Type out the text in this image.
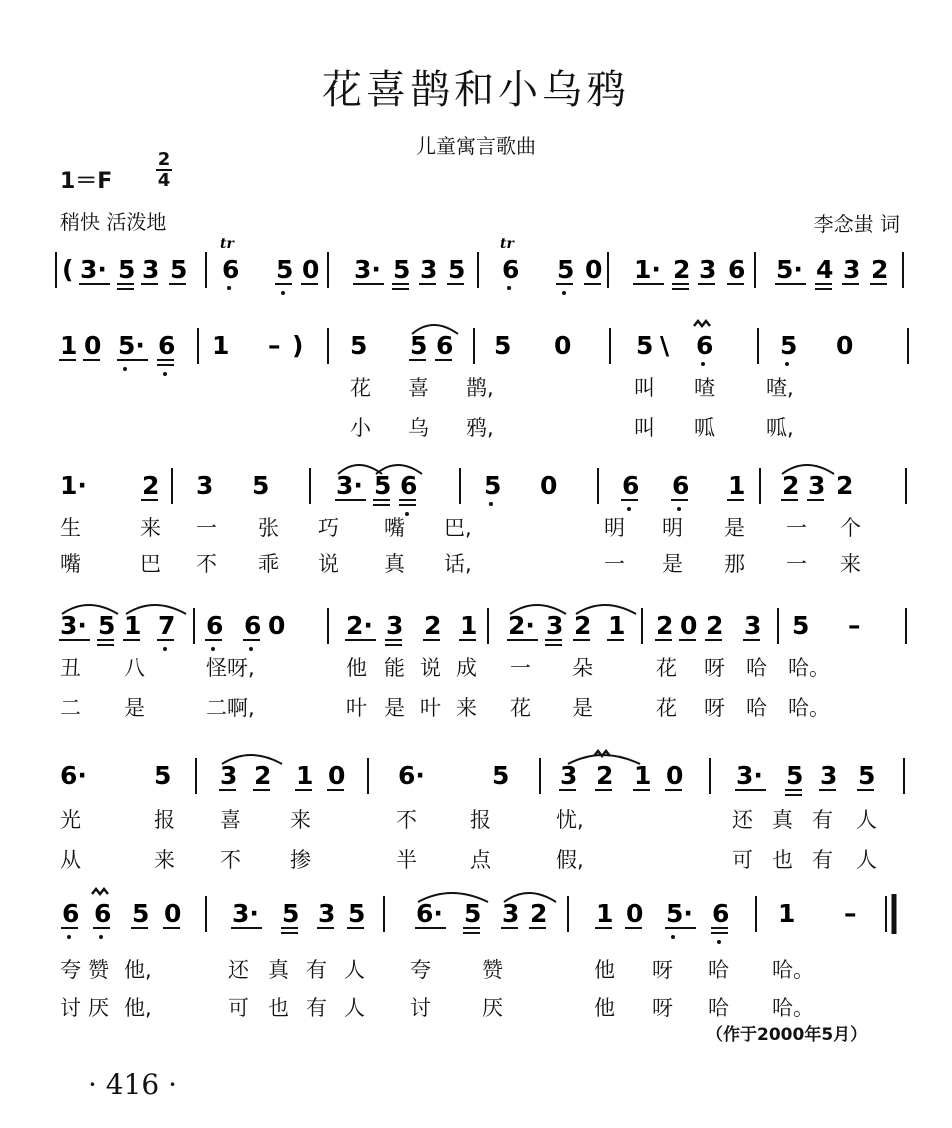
花喜鹊和小乌鸦
儿童寓言歌曲
1＝F
2
4
稍快 活泼地	李念蚩 词
( 3· 5 3 5 6
tr
5 0 3· 5 3 5 6
tr
5 0 1· 2 3 6 5· 4 3 2
1 0 5· 6 1 – ) 5 5 6 5 0	5 \ 6	5 0
花 喜 鹊,	叫 喳 喳,
小 乌 鸦,	叫 呱 呱,
1· 2 3 5	3· 5 6	5 0	6 6 1 2 3 2
生	来 一 张 巧 嘴 巴,	明 明 是 一 个
嘴	巴 不 乖 说 真 话,	一 是 那 一 来
3· 5 1 7 6 6 0 2· 3 2 1 2· 3 2 1 2 0 2 3 5 –
丑 八	怪呀,	他 能 说 成 一 朵	花 呀 哈 哈。
二 是	二啊,	叶 是 叶 来 花 是	花 呀 哈 哈。
6·	5 3 2 1 0 6·	5 3 2 1 0 3· 5 3 5
光	报 喜 来	不	报	忧,	还 真 有 人
从	来 不 掺	半	点	假,	可 也 有 人
6 6 5 0 3· 5 3 5 6· 5 3 2 1 0 5· 6 1 –
夸 赞 他,	还 真 有 人 夸 赞	他 呀 哈 哈。
讨 厌 他,	可 也 有 人 讨 厌	他 呀 哈 哈。
（作于2000年5月）
· 416 ·
